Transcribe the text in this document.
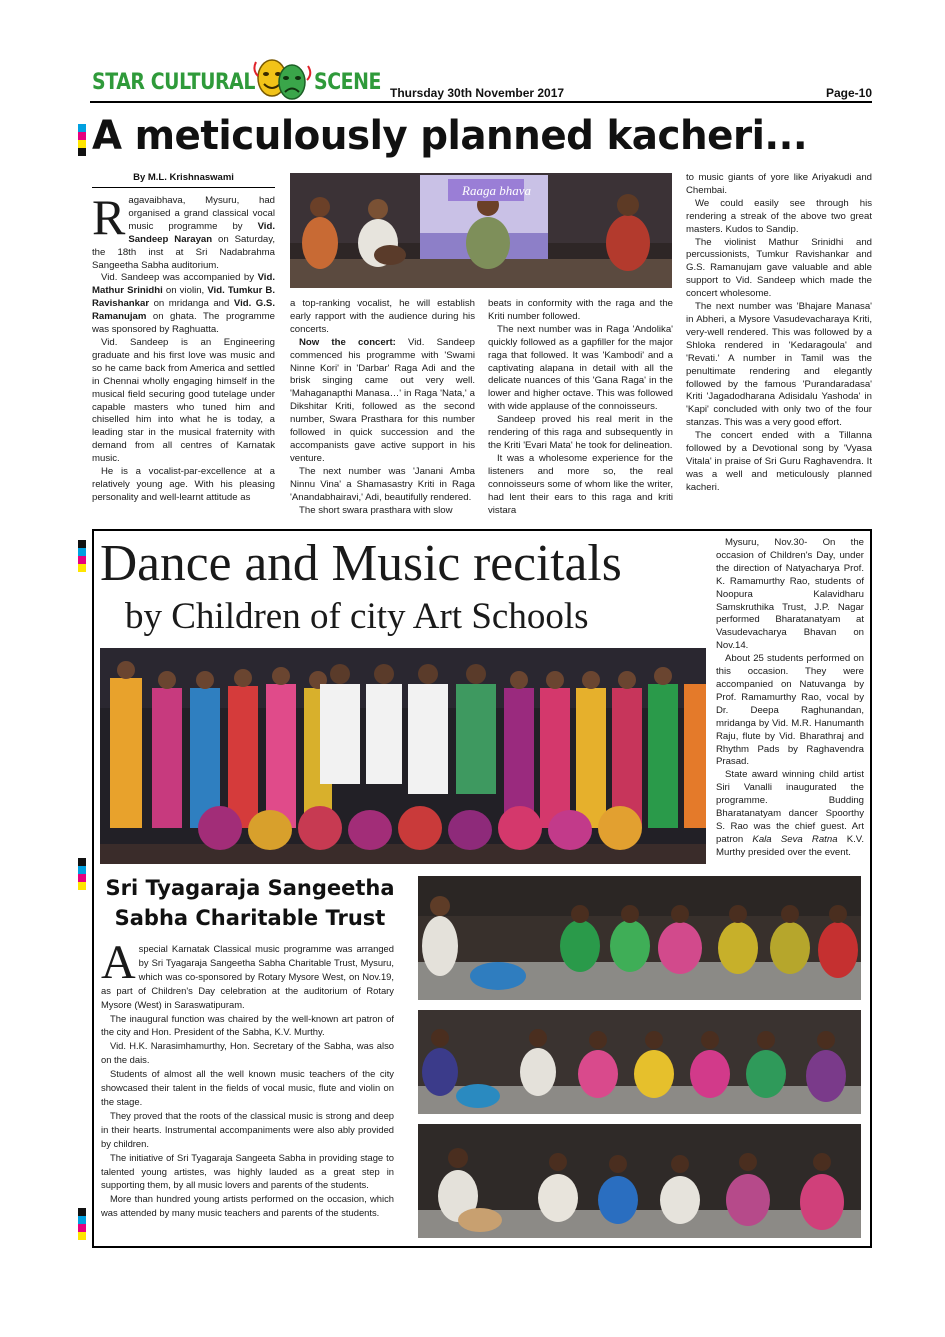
STAR CULTURAL	SCENE Thursday 30th November 2017	Page-10
A meticulously planned kacheri...
By M.L. Krishnaswami
Raaga bhava

Ragavaibhava, Mysuru, had organised a grand classical vocal music programme by Vid. Sandeep Narayan on Saturday, the 18th inst at Sri Nadabrahma Sangeetha Sabha auditorium.

Vid. Sandeep was accompanied by Vid. Mathur Srinidhi on violin, Vid. Tumkur B. Ravishankar on mridanga and Vid. G.S. Ramanujam on ghata. The programme was sponsored by Raghuatta.

Vid. Sandeep is an Engineering graduate and his first love was music and so he came back from America and settled in Chennai wholly engaging himself in the musical field securing good tutelage under capable masters who tuned him and chiselled him into what he is today, a leading star in the musical fraternity with demand from all centres of Karnatak music.

He is a vocalist-par-excellence at a relatively young age. With his pleasing personality and well-learnt attitude as

a top-ranking vocalist, he will establish early rapport with the audience during his concerts.

Now the concert: Vid. Sandeep commenced his programme with 'Swami Ninne Kori' in 'Darbar' Raga Adi and the brisk singing came out very well. 'Mahaganapthi Manasa…' in Raga 'Nata,' a Dikshitar Kriti, followed as the second number, Swara Prasthara for this number followed in quick succession and the accompanists gave active support in his venture.

The next number was 'Janani Amba Ninnu Vina' a Shamasastry Kriti in Raga 'Anandabhairavi,' Adi, beautifully rendered.

The short swara prasthara with slow

beats in conformity with the raga and the Kriti number followed.

The next number was in Raga 'Andolika' quickly followed as a gapfiller for the major raga that followed. It was 'Kambodi' and a captivating alapana in detail with all the delicate nuances of this 'Gana Raga' in the lower and higher octave. This was followed with wide applause of the connoisseurs.

Sandeep proved his real merit in the rendering of this raga and subsequently in the Kriti 'Evari Mata' he took for delineation.

It was a wholesome experience for the listeners and more so, the real connoisseurs some of whom like the writer, had lent their ears to this raga and kriti vistara

to music giants of yore like Ariyakudi and Chembai.

We could easily see through his rendering a streak of the above two great masters. Kudos to Sandip.

The violinist Mathur Srinidhi and percussionists, Tumkur Ravishankar and G.S. Ramanujam gave valuable and able support to Vid. Sandeep which made the concert wholesome.

The next number was 'Bhajare Manasa' in Abheri, a Mysore Vasudevacharaya Kriti, very-well rendered. This was followed by a Shloka rendered in 'Kedaragoula' and 'Revati.' A number in Tamil was the penultimate rendering and elegantly followed by the famous 'Purandaradasa' Kriti 'Jagadodharana Adisidalu Yashoda' in 'Kapi' concluded with only two of the four stanzas. This was a very good effort.

The concert ended with a Tillanna followed by a Devotional song by 'Vyasa Vitala' in praise of Sri Guru Raghavendra. It was a well and meticulously planned kacheri.

Dance and Music recitals
by Children of city Art Schools

Mysuru, Nov.30- On the occasion of Children's Day, under the direction of Natyacharya Prof. K. Ramamurthy Rao, students of Noopura Kalavidharu Samskruthika Trust, J.P. Nagar performed Bharatanatyam at Vasudevacharya Bhavan on Nov.14.

About 25 students performed on this occasion. They were accompanied on Natuvanga by Prof. Ramamurthy Rao, vocal by Dr. Deepa Raghunandan, mridanga by Vid. M.R. Hanumanth Raju, flute by Vid. Bharathraj and Rhythm Pads by Raghavendra Prasad.

State award winning child artist Siri Vanalli inaugurated the programme. Budding Bharatanatyam dancer Spoorthy S. Rao was the chief guest. Art patron Kala Seva Ratna K.V. Murthy presided over the event.

Sri Tyagaraja Sangeetha
Sabha Charitable Trust

A special Karnatak Classical music programme was arranged by Sri Tyagaraja Sangeetha Sabha Charitable Trust, Mysuru, which was co-sponsored by Rotary Mysore West, on Nov.19, as part of Children's Day celebration at the auditorium of Rotary Mysore (West) in Saraswatipuram.

The inaugural function was chaired by the well-known art patron of the city and Hon. President of the Sabha, K.V. Murthy.

Vid. H.K. Narasimhamurthy, Hon. Secretary of the Sabha, was also on the dais.

Students of almost all the well known music teachers of the city showcased their talent in the fields of vocal music, flute and violin on the stage.

They proved that the roots of the classical music is strong and deep in their hearts. Instrumental accompaniments were also ably provided by children.

The initiative of Sri Tyagaraja Sangeeta Sabha in providing stage to talented young artistes, was highly lauded as a great step in supporting them, by all music lovers and parents of the students.

More than hundred young artists performed on the occasion, which was attended by many music teachers and parents of the students.
